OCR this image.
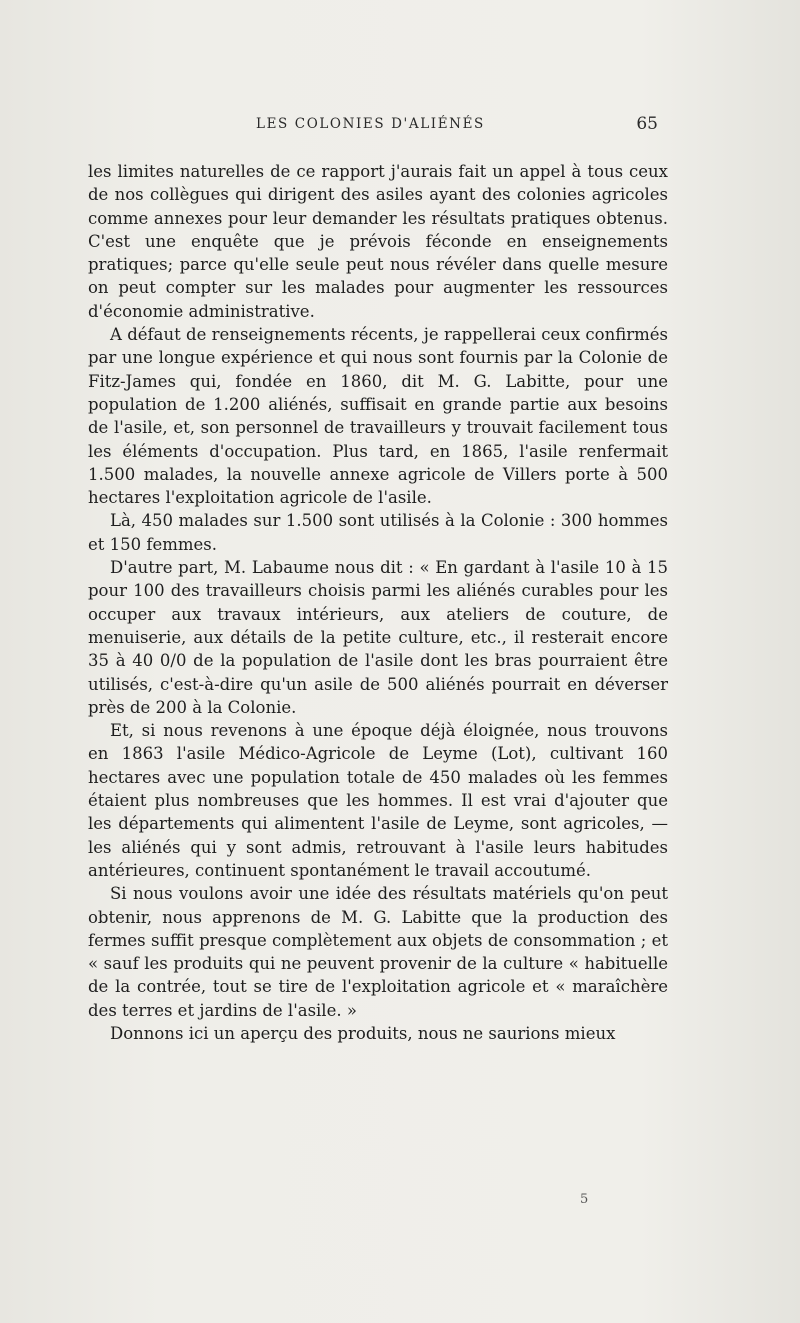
LES COLONIES D'ALIÉNÉS	65

les limites naturelles de ce rapport j'aurais fait un appel à tous ceux de nos collègues qui dirigent des asiles ayant des colonies agricoles comme annexes pour leur demander les résultats pratiques obtenus. C'est une enquête que je prévois féconde en enseignements pratiques; parce qu'elle seule peut nous révéler dans quelle mesure on peut compter sur les malades pour augmenter les ressources d'économie administrative.

A défaut de renseignements récents, je rappellerai ceux confirmés par une longue expérience et qui nous sont fournis par la Colonie de Fitz-James qui, fondée en 1860, dit M. G. Labitte, pour une population de 1.200 aliénés, suffisait en grande partie aux besoins de l'asile, et, son personnel de travailleurs y trouvait facilement tous les éléments d'occupation. Plus tard, en 1865, l'asile renfermait 1.500 malades, la nouvelle annexe agricole de Villers porte à 500 hectares l'exploitation agricole de l'asile.

Là, 450 malades sur 1.500 sont utilisés à la Colonie : 300 hommes et 150 femmes.

D'autre part, M. Labaume nous dit : « En gardant à l'asile 10 à 15 pour 100 des travailleurs choisis parmi les aliénés curables pour les occuper aux travaux intérieurs, aux ateliers de couture, de menuiserie, aux détails de la petite culture, etc., il resterait encore 35 à 40 0/0 de la population de l'asile dont les bras pourraient être utilisés, c'est-à-dire qu'un asile de 500 aliénés pourrait en déverser près de 200 à la Colonie.

Et, si nous revenons à une époque déjà éloignée, nous trouvons en 1863 l'asile Médico-Agricole de Leyme (Lot), cultivant 160 hectares avec une population totale de 450 malades où les femmes étaient plus nombreuses que les hommes. Il est vrai d'ajouter que les départements qui alimentent l'asile de Leyme, sont agricoles, — les aliénés qui y sont admis, retrouvant à l'asile leurs habitudes antérieures, continuent spontanément le travail accoutumé.

Si nous voulons avoir une idée des résultats matériels qu'on peut obtenir, nous apprenons de M. G. Labitte que la production des fermes suffit presque complètement aux objets de consommation ; et « sauf les produits qui ne peuvent provenir de la culture « habituelle de la contrée, tout se tire de l'exploitation agricole et « maraîchère des terres et jardins de l'asile. »

Donnons ici un aperçu des produits, nous ne saurions mieux

5
